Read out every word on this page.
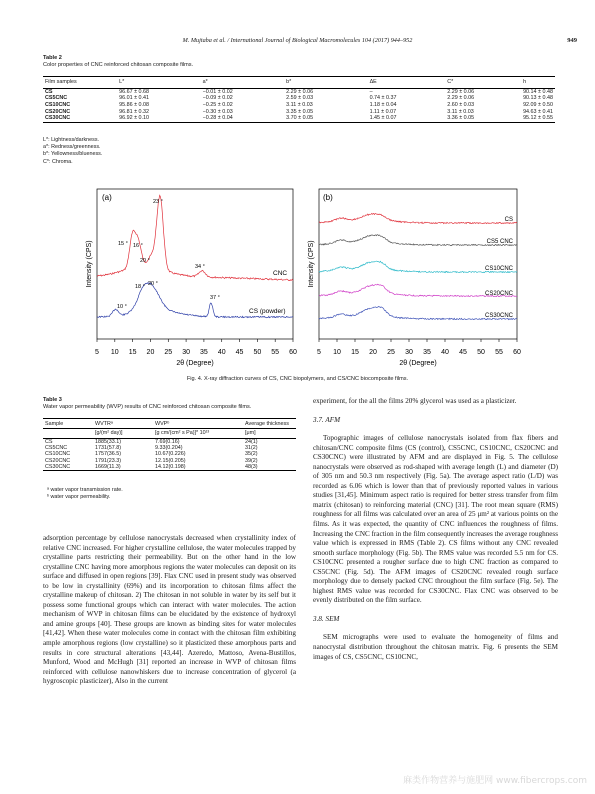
M. Mujtaba et al. / International Journal of Biological Macromolecules 104 (2017) 944–952	949
Table 2
Color properties of CNC reinforced chitosan composite films.
Film samples	L*	a*	b*	ΔE	C*	h
CS	96.67 ± 0.68	−0.01 ± 0.02	2.29 ± 0.06	–	2.29 ± 0.06	90.14 ± 0.48
CS5CNC	96.01 ± 0.41	−0.09 ± 0.02	2.59 ± 0.03	0.74 ± 0.37	2.29 ± 0.06	90.13 ± 0.48
CS10CNC	95.86 ± 0.08	−0.25 ± 0.02	3.11 ± 0.03	1.18 ± 0.04	2.60 ± 0.03	92.09 ± 0.50
CS20CNC	96.81 ± 0.32	−0.30 ± 0.03	3.35 ± 0.05	1.11 ± 0.07	3.11 ± 0.03	94.63 ± 0.41
CS30CNC	96.92 ± 0.10	−0.28 ± 0.04	3.70 ± 0.05	1.45 ± 0.07	3.36 ± 0.05	95.12 ± 0.55
L*: Lightness/darkness.
a*: Redness/greenness.
b*: Yellowness/blueness.
C*: Chroma.
(a)
Intensity (CPS)
5 10 15 20 25 30 35 40 45 50 55 60
2θ (Degree)
23 °
15 ° 16 °
20 °
34 °
18 ° 20 °
10 °
37 °
CNC
CS (powder)
(b)
Intensity (CPS)
5 10 15 20 25 30 35 40 45 50 55 60
2θ (Degree)
CS
CS5 CNC
CS10CNC
CS20CNC
CS30CNC
Fig. 4. X-ray diffraction curves of CS, CNC biopolymers, and CS/CNC biocomposite films.
Table 3
Water vapor permeability (WVP) results of CNC reinforced chitosan composite films.
Sample	WVTRᵃ	WVPᵇ	Average thickness
	[g/(m² day)]	[g cm/(cm² s Pa)]* 10¹³	[μm]
CS	1885(33.1)	7.69(0.16)	24(1)
CS5CNC	1731(57.8)	9.33(0.204)	31(2)
CS10CNC	1757(36.5)	10.67(0.226)	35(2)
CS20CNC	1791(23.3)	12.15(0.205)	39(2)
CS30CNC	1669(11.3)	14.12(0.198)	48(3)
ᵃ water vapor transmission rate.
ᵇ water vapor permeability.

adsorption percentage by cellulose nanocrystals decreased when crystallinity index of relative CNC increased. For higher crystalline cellulose, the water molecules trapped by crystalline parts restricting their permeability. But on the other hand in the low crystalline CNC having more amorphous regions the water molecules can deposit on its surface and diffused in open regions [39]. Flax CNC used in present study was observed to be low in crystallinity (69%) and its incorporation to chitosan films affect the crystalline makeup of chitosan. 2) The chitosan in not soluble in water by its self but it possess some functional groups which can interact with water molecules. The action mechanism of WVP in chitosan films can be elucidated by the existence of hydroxyl and amine groups [40]. These groups are known as binding sites for water molecules [41,42]. When these water molecules come in contact with the chitosan film exhibiting ample amorphous regions (low crystalline) so it plasticized these amorphous parts and results in core structural alterations [43,44]. Azeredo, Mattoso, Avena-Bustillos, Munford, Wood and McHugh [31] reported an increase in WVP of chitosan films reinforced with cellulose nanowhiskers due to increase concentration of glycerol (a hygroscopic plasticizer), Also in the current

experiment, for the all the films 20% glycerol was used as a plasticizer.

3.7. AFM

Topographic images of cellulose nanocrystals isolated from flax fibers and chitosan/CNC composite films (CS (control), CS5CNC, CS10CNC, CS20CNC and CS30CNC) were illustrated by AFM and are displayed in Fig. 5. The cellulose nanocrystals were observed as rod-shaped with average length (L) and diameter (D) of 305 nm and 50.3 nm respectively (Fig. 5a). The average aspect ratio (L/D) was recorded as 6.06 which is lower than that of previously reported values in various studies [31,45]. Minimum aspect ratio is required for better stress transfer from film matrix (chitosan) to reinforcing material (CNC) [31]. The root mean square (RMS) roughness for all films was calculated over an area of 25 μm² at various points on the films. As it was expected, the quantity of CNC influences the roughness of films. Increasing the CNC fraction in the film consequently increases the average roughness value which is expressed in RMS (Table 2). CS films without any CNC revealed smooth surface morphology (Fig. 5b). The RMS value was recorded 5.5 nm for CS. CS10CNC presented a rougher surface due to high CNC fraction as compared to CS5CNC (Fig. 5d). The AFM images of CS20CNC revealed rough surface morphology due to densely packed CNC throughout the film surface (Fig. 5e). The highest RMS value was recorded for CS30CNC. Flax CNC was observed to be evenly distributed on the film surface.

3.8. SEM

SEM micrographs were used to evaluate the homogeneity of films and nanocrystal distribution throughout the chitosan matrix. Fig. 6 presents the SEM images of CS, CS5CNC, CS10CNC,

麻类作物营养与施肥网 www.fibercrops.com
